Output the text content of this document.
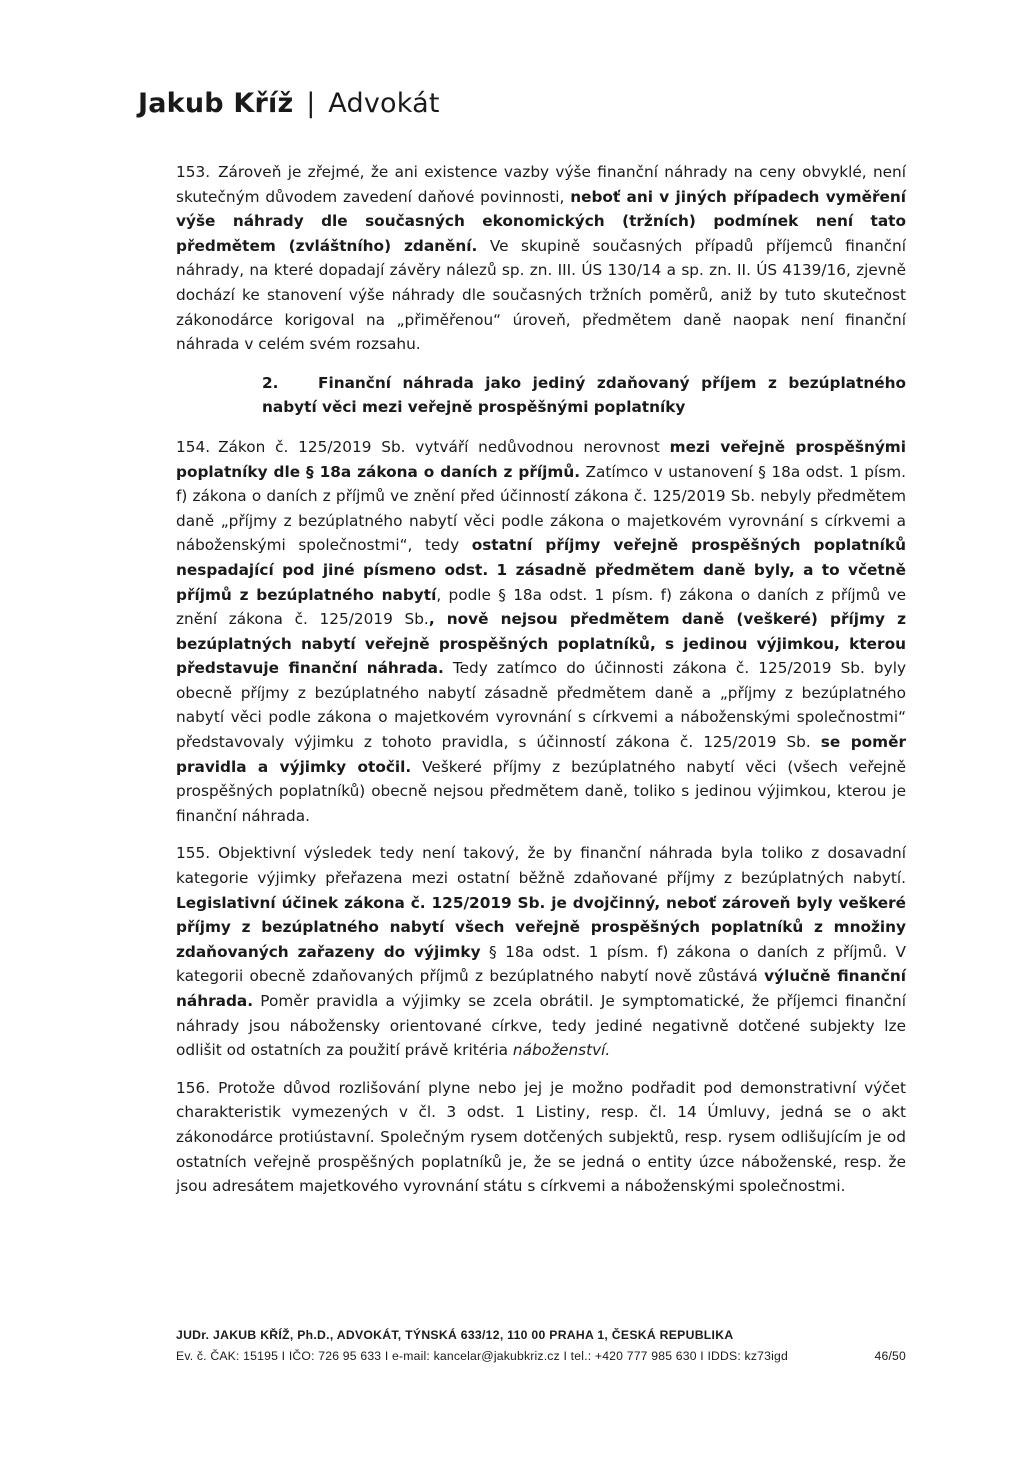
Jakub Kříž | Advokát

153. Zároveň je zřejmé, že ani existence vazby výše finanční náhrady na ceny obvyklé, není skutečným důvodem zavedení daňové povinnosti, neboť ani v jiných případech vyměření výše náhrady dle současných ekonomických (tržních) podmínek není tato předmětem (zvláštního) zdanění. Ve skupině současných případů příjemců finanční náhrady, na které dopadají závěry nálezů sp. zn. III. ÚS 130/14 a sp. zn. II. ÚS 4139/16, zjevně dochází ke stanovení výše náhrady dle současných tržních poměrů, aniž by tuto skutečnost zákonodárce korigoval na „přiměřenou“ úroveň, předmětem daně naopak není finanční náhrada v celém svém rozsahu.

2.	Finanční náhrada jako jediný zdaňovaný příjem z bezúplatného nabytí věci mezi veřejně prospěšnými poplatníky

154. Zákon č. 125/2019 Sb. vytváří nedůvodnou nerovnost mezi veřejně prospěšnými poplatníky dle § 18a zákona o daních z příjmů. Zatímco v ustanovení § 18a odst. 1 písm. f) zákona o daních z příjmů ve znění před účinností zákona č. 125/2019 Sb. nebyly předmětem daně „příjmy z bezúplatného nabytí věci podle zákona o majetkovém vyrovnání s církvemi a náboženskými společnostmi“, tedy ostatní příjmy veřejně prospěšných poplatníků nespadající pod jiné písmeno odst. 1 zásadně předmětem daně byly, a to včetně příjmů z bezúplatného nabytí, podle § 18a odst. 1 písm. f) zákona o daních z příjmů ve znění zákona č. 125/2019 Sb., nově nejsou předmětem daně (veškeré) příjmy z bezúplatných nabytí veřejně prospěšných poplatníků, s jedinou výjimkou, kterou představuje finanční náhrada. Tedy zatímco do účinnosti zákona č. 125/2019 Sb. byly obecně příjmy z bezúplatného nabytí zásadně předmětem daně a „příjmy z bezúplatného nabytí věci podle zákona o majetkovém vyrovnání s církvemi a náboženskými společnostmi“ představovaly výjimku z tohoto pravidla, s účinností zákona č. 125/2019 Sb. se poměr pravidla a výjimky otočil. Veškeré příjmy z bezúplatného nabytí věci (všech veřejně prospěšných poplatníků) obecně nejsou předmětem daně, toliko s jedinou výjimkou, kterou je finanční náhrada.

155. Objektivní výsledek tedy není takový, že by finanční náhrada byla toliko z dosavadní kategorie výjimky přeřazena mezi ostatní běžně zdaňované příjmy z bezúplatných nabytí. Legislativní účinek zákona č. 125/2019 Sb. je dvojčinný, neboť zároveň byly veškeré příjmy z bezúplatného nabytí všech veřejně prospěšných poplatníků z množiny zdaňovaných zařazeny do výjimky § 18a odst. 1 písm. f) zákona o daních z příjmů. V kategorii obecně zdaňovaných příjmů z bezúplatného nabytí nově zůstává výlučně finanční náhrada. Poměr pravidla a výjimky se zcela obrátil. Je symptomatické, že příjemci finanční náhrady jsou nábožensky orientované církve, tedy jediné negativně dotčené subjekty lze odlišit od ostatních za použití právě kritéria náboženství.

156. Protože důvod rozlišování plyne nebo jej je možno podřadit pod demonstrativní výčet charakteristik vymezených v čl. 3 odst. 1 Listiny, resp. čl. 14 Úmluvy, jedná se o akt zákonodárce protiústavní. Společným rysem dotčených subjektů, resp. rysem odlišujícím je od ostatních veřejně prospěšných poplatníků je, že se jedná o entity úzce náboženské, resp. že jsou adresátem majetkového vyrovnání státu s církvemi a náboženskými společnostmi.

JUDr. JAKUB KŘÍŽ, Ph.D., ADVOKÁT, TÝNSKÁ 633/12, 110 00 PRAHA 1, ČESKÁ REPUBLIKA
Ev. č. ČAK: 15195 I IČO: 726 95 633 I e-mail: kancelar@jakubkriz.cz I tel.: +420 777 985 630 I IDDS: kz73igd	46/50
